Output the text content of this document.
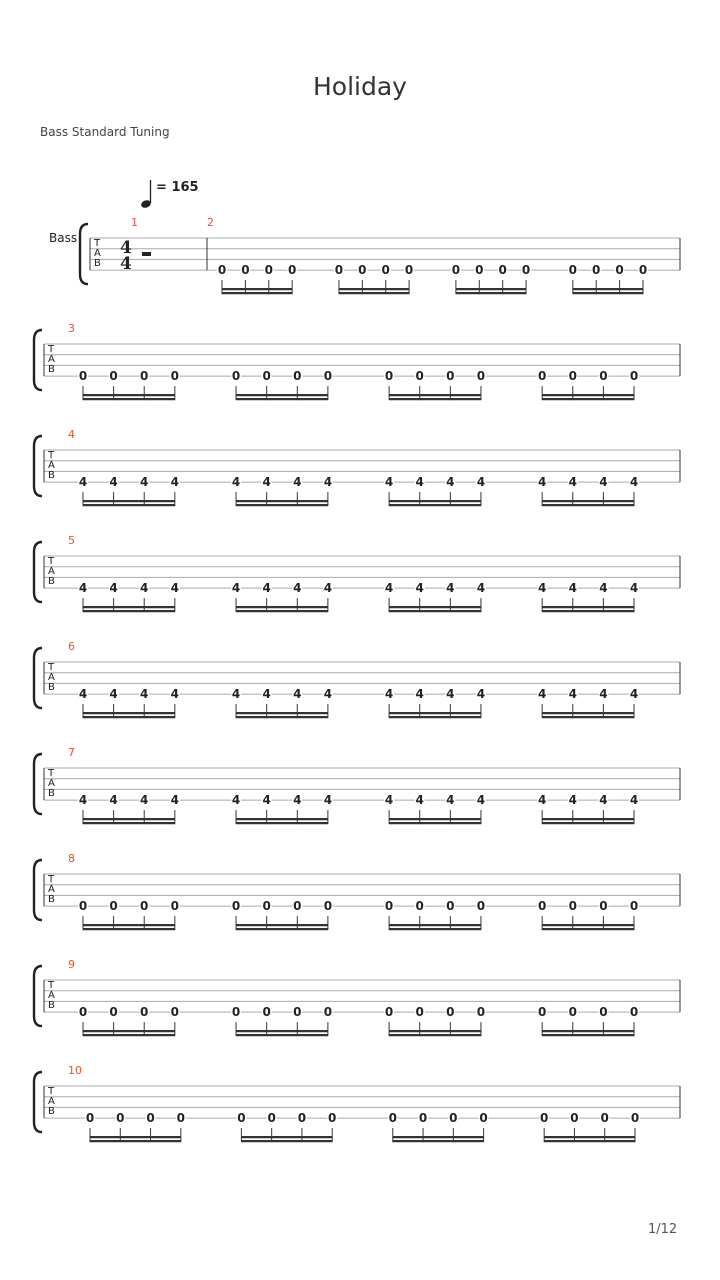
Holiday
Bass Standard Tuning
= 165
T
A
B
Bass	4
4
1	2
0 0 0 0	0 0 0 0	0 0 0 0	0 0 0 0
T
A
B
3
0 0 0 0	0 0 0 0	0 0 0 0	0 0 0 0
T
A
B
4
4 4 4 4	4 4 4 4	4 4 4 4	4 4 4 4
T
A
B
5
4 4 4 4	4 4 4 4	4 4 4 4	4 4 4 4
T
A
B
6
4 4 4 4	4 4 4 4	4 4 4 4	4 4 4 4
T
A
B
7
4 4 4 4	4 4 4 4	4 4 4 4	4 4 4 4
T
A
B
8
0 0 0 0	0 0 0 0	0 0 0 0	0 0 0 0
T
A
B
9
0 0 0 0	0 0 0 0	0 0 0 0	0 0 0 0
T
A
B
10
0 0 0 0	0 0 0 0	0 0 0 0	0 0 0 0
1/12
